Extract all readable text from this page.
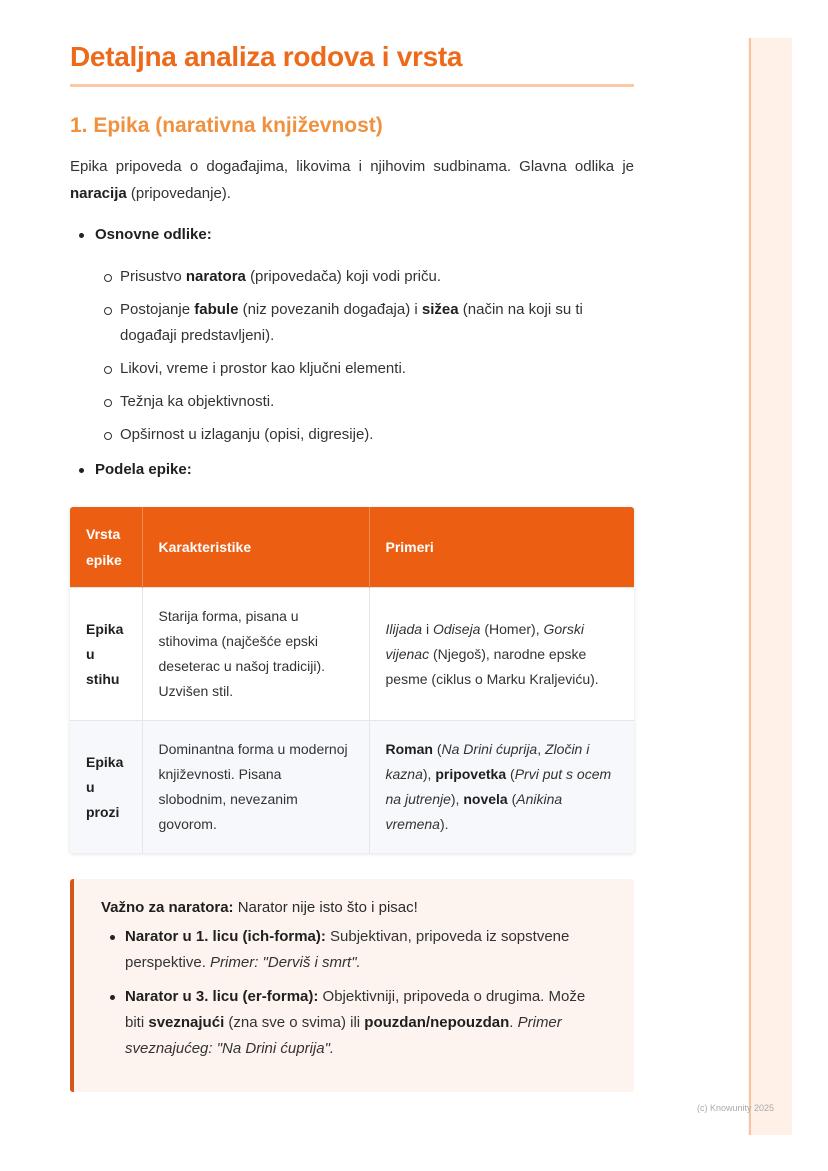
Detaljna analiza rodova i vrsta
1. Epika (narativna književnost)

Epika pripoveda o događajima, likovima i njihovim sudbinama. Glavna odlika je naracija (pripovedanje).

Osnovne odlike:
Prisustvo naratora (pripovedača) koji vodi priču.
Postojanje fabule (niz povezanih događaja) i sižea (način na koji su ti događaji predstavljeni).
Likovi, vreme i prostor kao ključni elementi.
Težnja ka objektivnosti.
Opširnost u izlaganju (opisi, digresije).
Podela epike:
Vrsta epike	Karakteristike	Primeri
Epika u stihu	Starija forma, pisana u stihovima (najčešće epski deseterac u našoj tradiciji). Uzvišen stil.	Ilijada i Odiseja (Homer), Gorski vijenac (Njegoš), narodne epske pesme (ciklus o Marku Kraljeviću).
Epika u prozi	Dominantna forma u modernoj književnosti. Pisana slobodnim, nevezanim govorom.	Roman (Na Drini ćuprija, Zločin i kazna), pripovetka (Prvi put s ocem na jutrenje), novela (Anikina vremena).
Važno za naratora: Narator nije isto što i pisac!
Narator u 1. licu (ich-forma): Subjektivan, pripoveda iz sopstvene perspektive. Primer: "Derviš i smrt".
Narator u 3. licu (er-forma): Objektivniji, pripoveda o drugima. Može biti sveznajući (zna sve o svima) ili pouzdan/nepouzdan. Primer sveznajućeg: "Na Drini ćuprija".
(c) Knowunity 2025
